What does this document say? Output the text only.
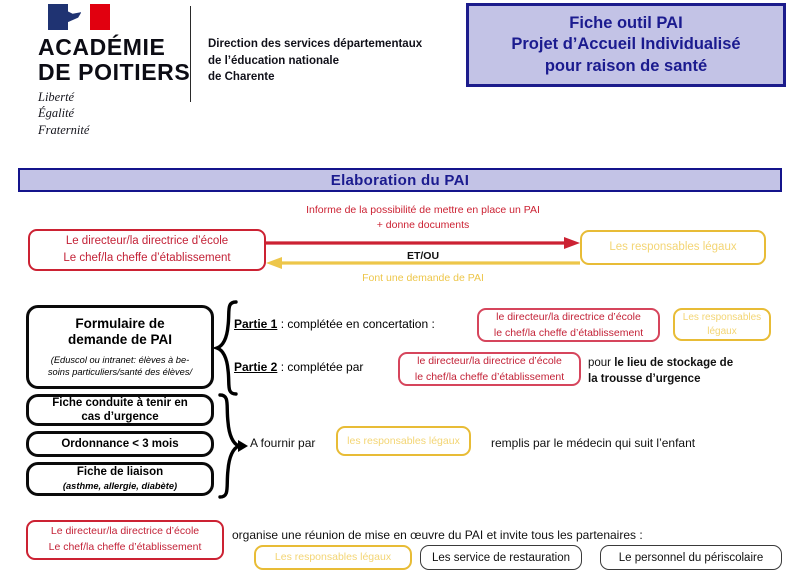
ACADÉMIE
DE POITIERS
Liberté
Égalité
Fraternité
Direction des services départementaux
de l’éducation nationale
de Charente
Fiche outil PAI
Projet d’Accueil Individualisé
pour raison de santé
Elaboration du PAI
Le directeur/la directrice d’école
Le chef/la cheffe d’établissement
Les responsables légaux
Informe de la possibilité de mettre en place un PAI
+ donne documents
ET/OU
Font une demande de PAI
Formulaire de
demande de PAI
(Eduscol ou intranet: élèves à be-
soins particuliers/santé des élèves/
Partie 1 : complétée en concertation :
le directeur/la directrice d’école
le chef/la cheffe d’établissement
Les responsables
légaux
Partie 2 : complétée par	le directeur/la directrice d’école
le chef/la cheffe d’établissement
pour le lieu de stockage de
la trousse d’urgence
Fiche conduite à tenir en
cas d’urgence
Ordonnance < 3 mois
Fiche de liaison
(asthme, allergie, diabète)
A fournir par	les responsables légaux	remplis par le médecin qui suit l’enfant
Le directeur/la directrice d’école
Le chef/la cheffe d’établissement
organise une réunion de mise en œuvre du PAI et invite tous les partenaires :
Les responsables légaux	Les service de restauration	Le personnel du périscolaire
